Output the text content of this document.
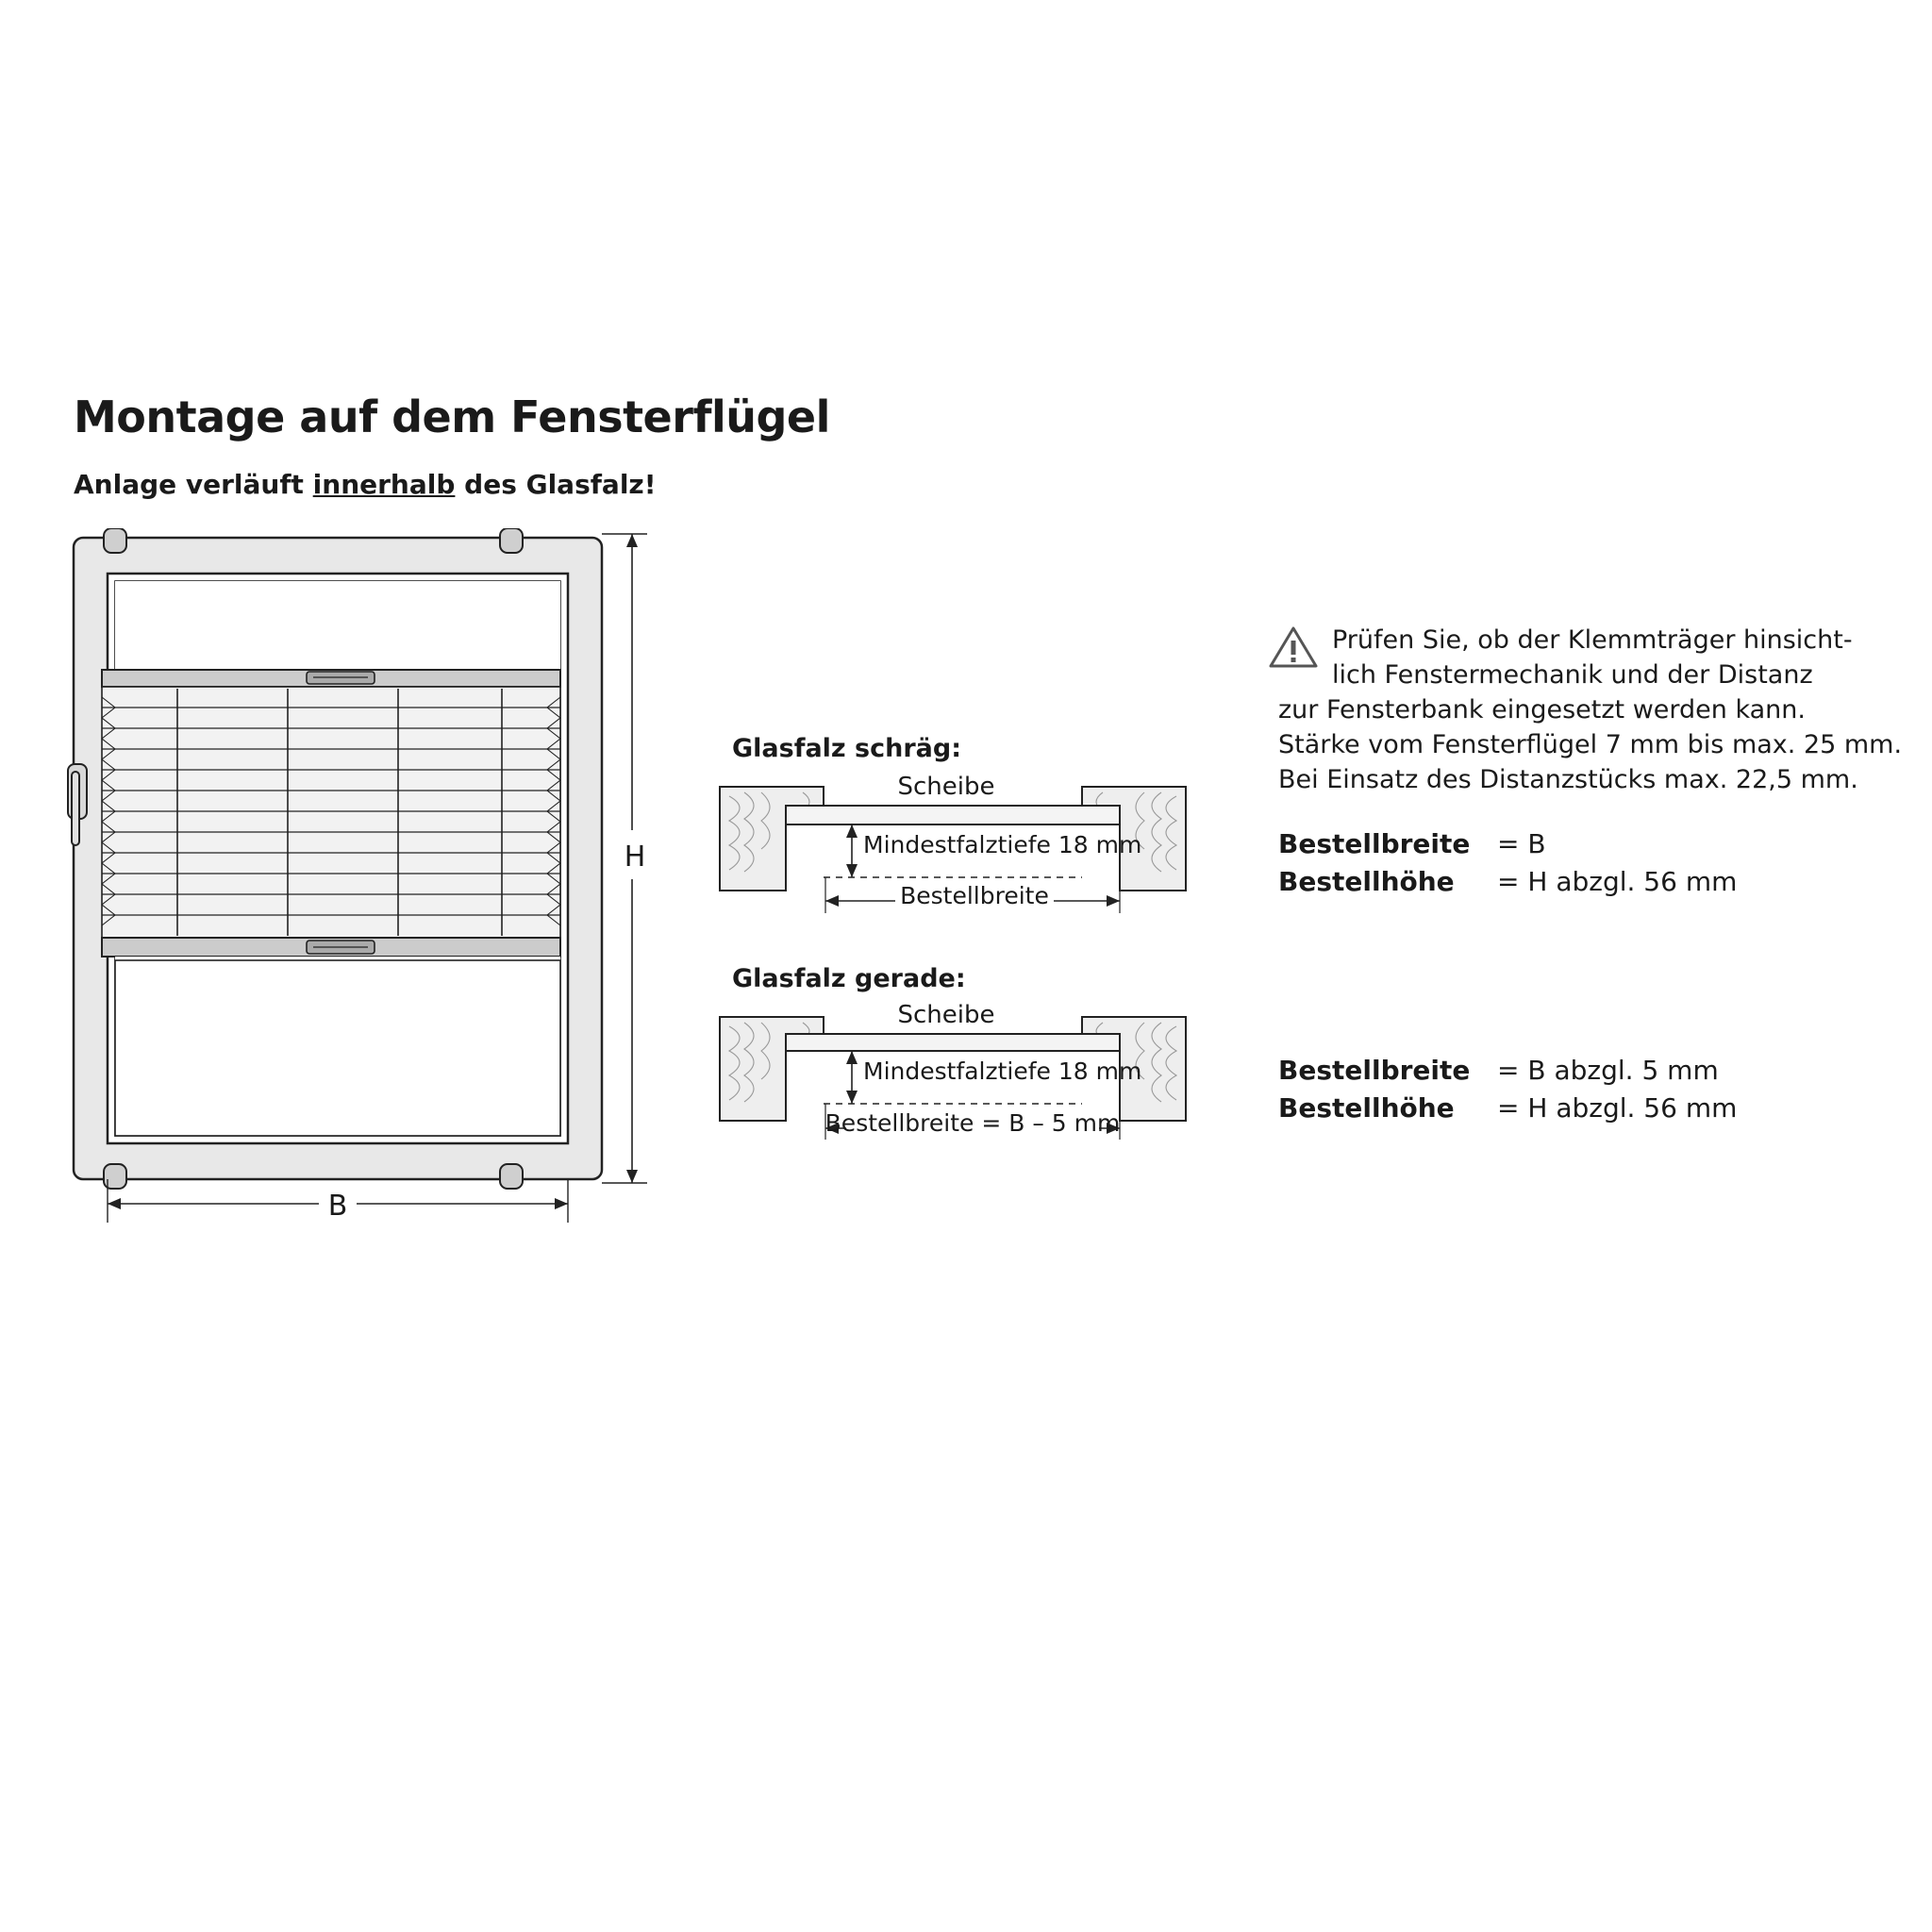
Montage auf dem Fensterflügel
Anlage verläuft innerhalb des Glasfalz!
H
B
Glasfalz schräg:
Scheibe
Mindestfalztiefe 18 mm
Bestellbreite
Glasfalz gerade:
Scheibe
Mindestfalztiefe 18 mm
Bestellbreite = B – 5 mm
Prüfen Sie, ob der Klemmträger hinsicht-
lich Fenstermechanik und der Distanz
zur Fensterbank eingesetzt werden kann.
Stärke vom Fensterflügel 7 mm bis max. 25 mm.
Bei Einsatz des Distanzstücks max. 22,5 mm.
Bestellbreite = B
Bestellhöhe = H abzgl. 56 mm
Bestellbreite = B abzgl. 5 mm
Bestellhöhe = H abzgl. 56 mm
